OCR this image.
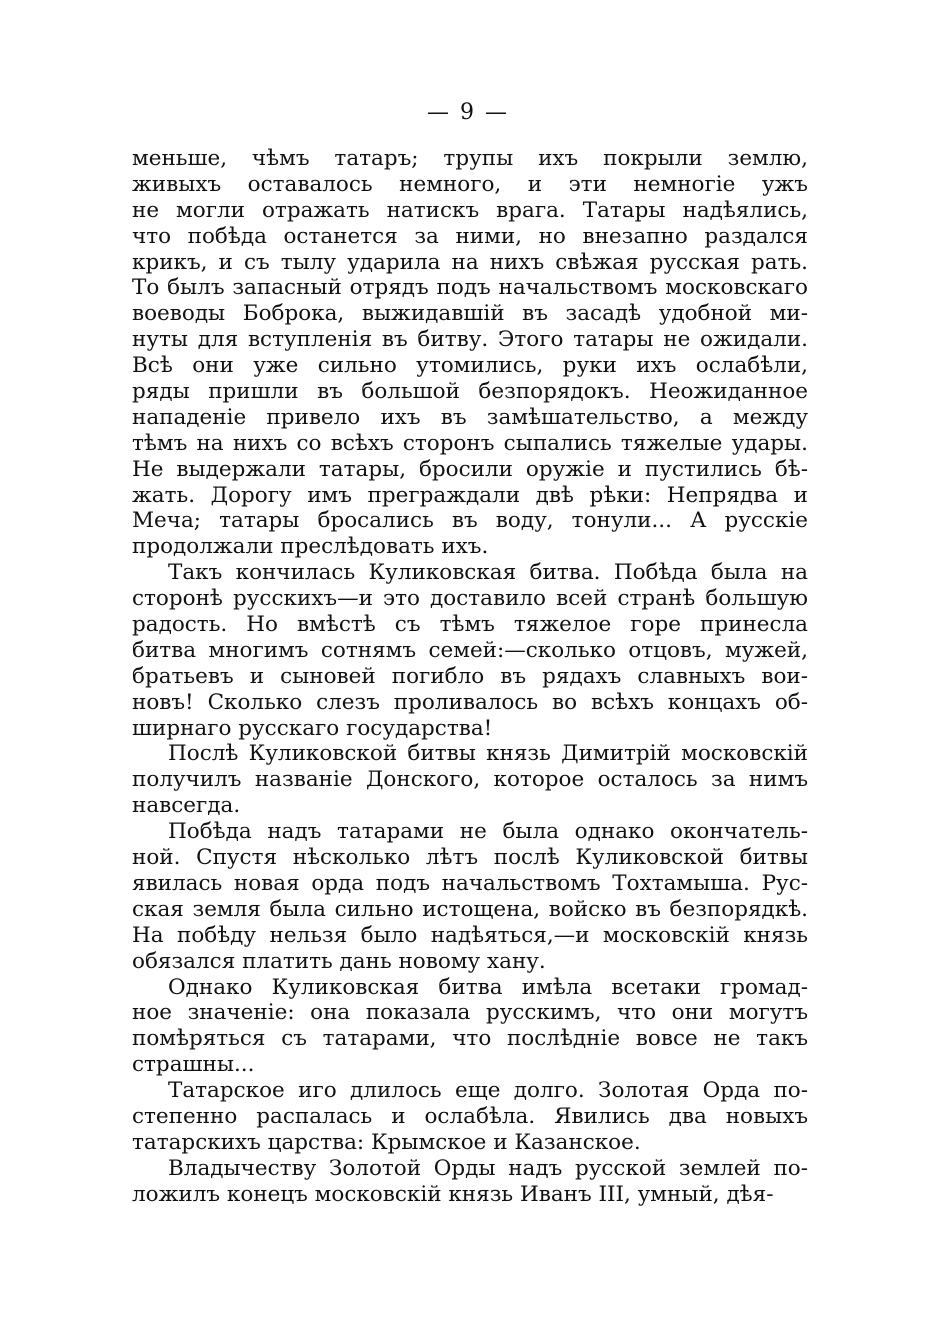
— 9 —
меньше, чѣмъ татаръ; трупы ихъ покрыли землю,
живыхъ оставалось немного, и эти немногіе ужъ
не могли отражать натискъ врага. Татары надѣялись,
что побѣда останется за ними, но внезапно раздался
крикъ, и съ тылу ударила на нихъ свѣжая русская рать.
То былъ запасный отрядъ подъ начальствомъ московскаго
воеводы Боброка, выжидавшій въ засадѣ удобной ми-
нуты для вступленія въ битву. Этого татары не ожидали.
Всѣ они уже сильно утомились, руки ихъ ослабѣли,
ряды пришли въ большой безпорядокъ. Неожиданное
нападеніе привело ихъ въ замѣшательство, а между
тѣмъ на нихъ со всѣхъ сторонъ сыпались тяжелые удары.
Не выдержали татары, бросили оружіе и пустились бѣ-
жать. Дорогу имъ преграждали двѣ рѣки: Непрядва и
Меча; татары бросались въ воду, тонули... А русскіе
продолжали преслѣдовать ихъ.
Такъ кончилась Куликовская битва. Побѣда была на
сторонѣ русскихъ—и это доставило всей странѣ большую
радость. Но вмѣстѣ съ тѣмъ тяжелое горе принесла
битва многимъ сотнямъ семей:—сколько отцовъ, мужей,
братьевъ и сыновей погибло въ рядахъ славныхъ вои-
новъ! Сколько слезъ проливалось во всѣхъ концахъ об-
ширнаго русскаго государства!
Послѣ Куликовской битвы князь Димитрій московскій
получилъ названіе Донского, которое осталось за нимъ
навсегда.
Побѣда надъ татарами не была однако окончатель-
ной. Спустя нѣсколько лѣтъ послѣ Куликовской битвы
явилась новая орда подъ начальствомъ Тохтамыша. Рус-
ская земля была сильно истощена, войско въ безпорядкѣ.
На побѣду нельзя было надѣяться,—и московскій князь
обязался платить дань новому хану.
Однако Куликовская битва имѣла всетаки громад-
ное значеніе: она показала русскимъ, что они могутъ
помѣряться съ татарами, что послѣдніе вовсе не такъ
страшны...
Татарское иго длилось еще долго. Золотая Орда по-
степенно распалась и ослабѣла. Явились два новыхъ
татарскихъ царства: Крымское и Казанское.
Владычеству Золотой Орды надъ русской землей по-
ложилъ конецъ московскій князь Иванъ III, умный, дѣя-
